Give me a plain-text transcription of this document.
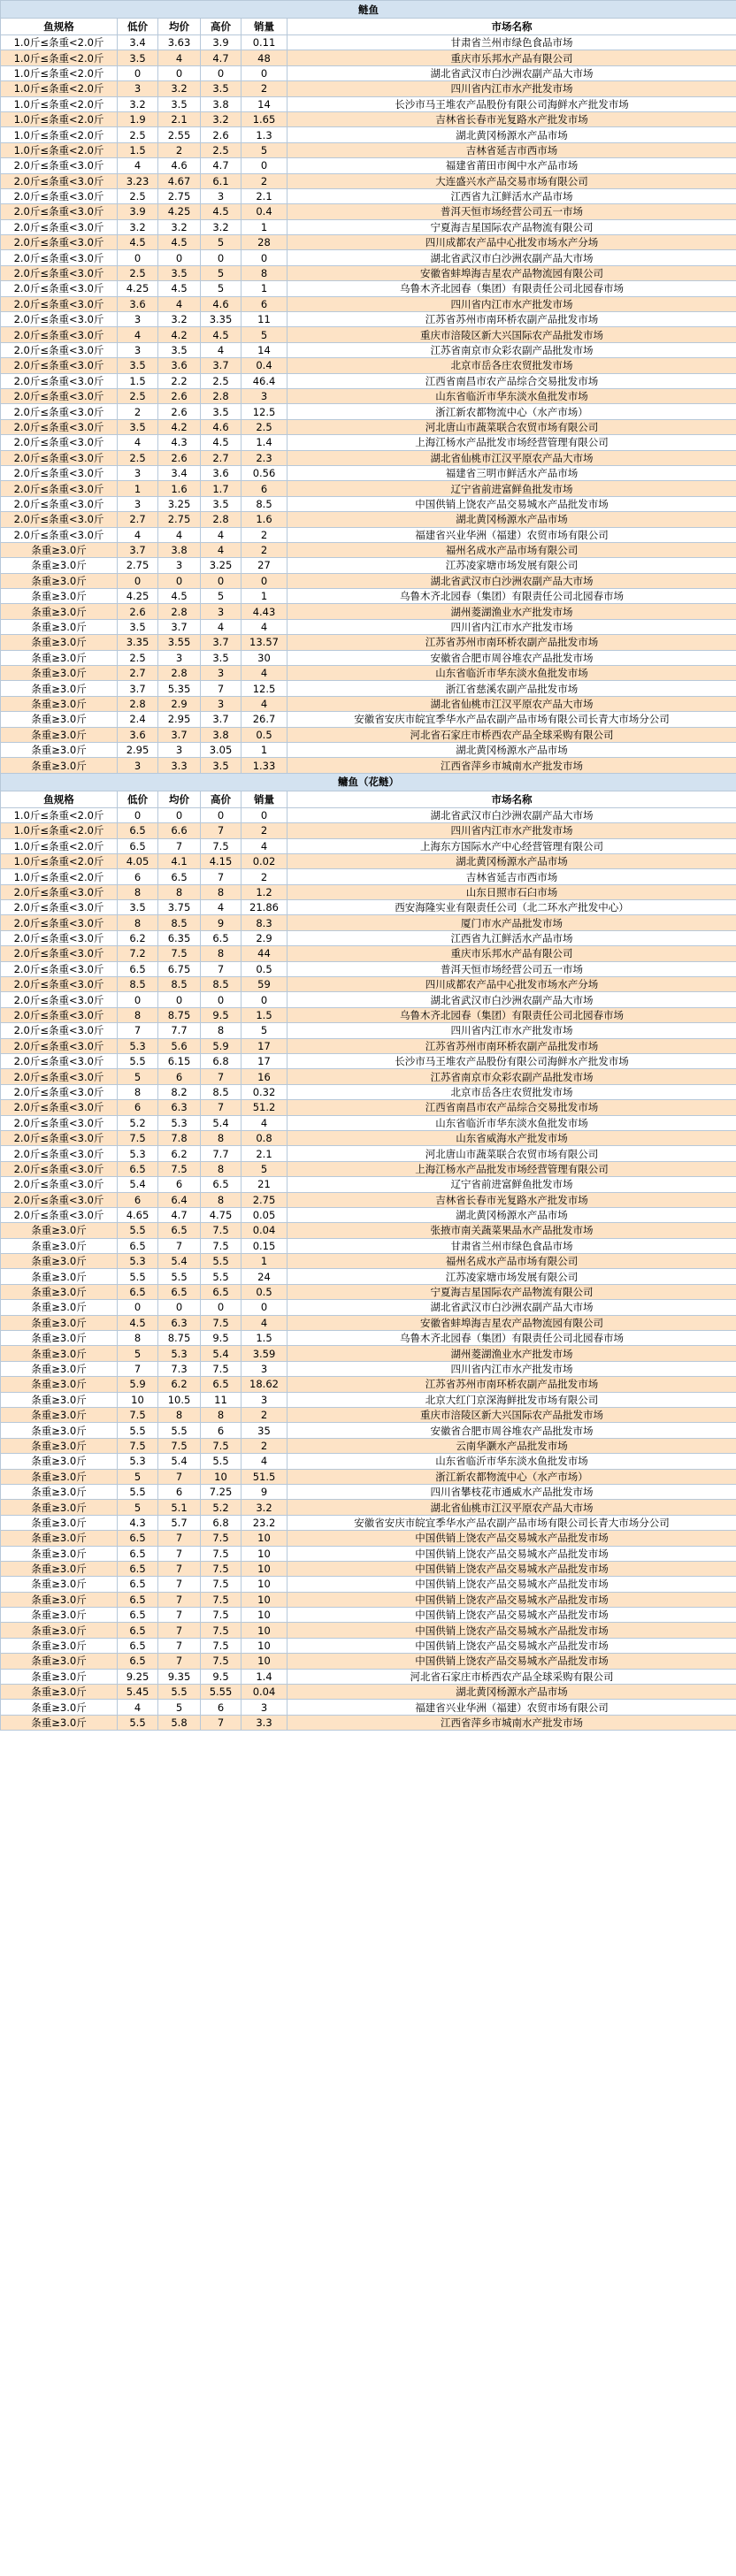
鲢鱼					
鱼规格	低价	均价	高价	销量	市场名称
1.0斤≤条重<2.0斤	3.4	3.63	3.9	0.11	甘肃省兰州市绿色食品市场
1.0斤≤条重<2.0斤	3.5	4	4.7	48	重庆市乐邦水产品有限公司
1.0斤≤条重<2.0斤	0	0	0	0	湖北省武汉市白沙洲农副产品大市场
1.0斤≤条重<2.0斤	3	3.2	3.5	2	四川省内江市水产批发市场
1.0斤≤条重<2.0斤	3.2	3.5	3.8	14	长沙市马王堆农产品股份有限公司海鲜水产批发市场
1.0斤≤条重<2.0斤	1.9	2.1	3.2	1.65	吉林省长春市光复路水产批发市场
1.0斤≤条重<2.0斤	2.5	2.55	2.6	1.3	湖北黄冈杨源水产品市场
1.0斤≤条重<2.0斤	1.5	2	2.5	5	吉林省延吉市西市场
2.0斤≤条重<3.0斤	4	4.6	4.7	0	福建省莆田市闽中水产品市场
2.0斤≤条重<3.0斤	3.23	4.67	6.1	2	大连盛兴水产品交易市场有限公司
2.0斤≤条重<3.0斤	2.5	2.75	3	2.1	江西省九江鲜活水产品市场
2.0斤≤条重<3.0斤	3.9	4.25	4.5	0.4	普洱天恒市场经营公司五一市场
2.0斤≤条重<3.0斤	3.2	3.2	3.2	1	宁夏海吉星国际农产品物流有限公司
2.0斤≤条重<3.0斤	4.5	4.5	5	28	四川成都农产品中心批发市场水产分场
2.0斤≤条重<3.0斤	0	0	0	0	湖北省武汉市白沙洲农副产品大市场
2.0斤≤条重<3.0斤	2.5	3.5	5	8	安徽省蚌埠海吉星农产品物流园有限公司
2.0斤≤条重<3.0斤	4.25	4.5	5	1	乌鲁木齐北园春（集团）有限责任公司北园春市场
2.0斤≤条重<3.0斤	3.6	4	4.6	6	四川省内江市水产批发市场
2.0斤≤条重<3.0斤	3	3.2	3.35	11	江苏省苏州市南环桥农副产品批发市场
2.0斤≤条重<3.0斤	4	4.2	4.5	5	重庆市涪陵区新大兴国际农产品批发市场
2.0斤≤条重<3.0斤	3	3.5	4	14	江苏省南京市众彩农副产品批发市场
2.0斤≤条重<3.0斤	3.5	3.6	3.7	0.4	北京市岳各庄农贸批发市场
2.0斤≤条重<3.0斤	1.5	2.2	2.5	46.4	江西省南昌市农产品综合交易批发市场
2.0斤≤条重<3.0斤	2.5	2.6	2.8	3	山东省临沂市华东淡水鱼批发市场
2.0斤≤条重<3.0斤	2	2.6	3.5	12.5	浙江新农都物流中心（水产市场）
2.0斤≤条重<3.0斤	3.5	4.2	4.6	2.5	河北唐山市蔬菜联合农贸市场有限公司
2.0斤≤条重<3.0斤	4	4.3	4.5	1.4	上海江杨水产品批发市场经营管理有限公司
2.0斤≤条重<3.0斤	2.5	2.6	2.7	2.3	湖北省仙桃市江汉平原农产品大市场
2.0斤≤条重<3.0斤	3	3.4	3.6	0.56	福建省三明市鲜活水产品市场
2.0斤≤条重<3.0斤	1	1.6	1.7	6	辽宁省前进富鲜鱼批发市场
2.0斤≤条重<3.0斤	3	3.25	3.5	8.5	中国供销上饶农产品交易城水产品批发市场
2.0斤≤条重<3.0斤	2.7	2.75	2.8	1.6	湖北黄冈杨源水产品市场
2.0斤≤条重<3.0斤	4	4	4	2	福建省兴业华洲（福建）农贸市场有限公司
条重≥3.0斤	3.7	3.8	4	2	福州名成水产品市场有限公司
条重≥3.0斤	2.75	3	3.25	27	江苏凌家塘市场发展有限公司
条重≥3.0斤	0	0	0	0	湖北省武汉市白沙洲农副产品大市场
条重≥3.0斤	4.25	4.5	5	1	乌鲁木齐北园春（集团）有限责任公司北园春市场
条重≥3.0斤	2.6	2.8	3	4.43	湖州菱湖渔业水产批发市场
条重≥3.0斤	3.5	3.7	4	4	四川省内江市水产批发市场
条重≥3.0斤	3.35	3.55	3.7	13.57	江苏省苏州市南环桥农副产品批发市场
条重≥3.0斤	2.5	3	3.5	30	安徽省合肥市周谷堆农产品批发市场
条重≥3.0斤	2.7	2.8	3	4	山东省临沂市华东淡水鱼批发市场
条重≥3.0斤	3.7	5.35	7	12.5	浙江省慈溪农副产品批发市场
条重≥3.0斤	2.8	2.9	3	4	湖北省仙桃市江汉平原农产品大市场
条重≥3.0斤	2.4	2.95	3.7	26.7	安徽省安庆市皖宜季华水产品农副产品市场有限公司长青大市场分公司
条重≥3.0斤	3.6	3.7	3.8	0.5	河北省石家庄市桥西农产品全球采购有限公司
条重≥3.0斤	2.95	3	3.05	1	湖北黄冈杨源水产品市场
条重≥3.0斤	3	3.3	3.5	1.33	江西省萍乡市城南水产批发市场
鳙鱼（花鲢）					
鱼规格	低价	均价	高价	销量	市场名称
1.0斤≤条重<2.0斤	0	0	0	0	湖北省武汉市白沙洲农副产品大市场
1.0斤≤条重<2.0斤	6.5	6.6	7	2	四川省内江市水产批发市场
1.0斤≤条重<2.0斤	6.5	7	7.5	4	上海东方国际水产中心经营管理有限公司
1.0斤≤条重<2.0斤	4.05	4.1	4.15	0.02	湖北黄冈杨源水产品市场
1.0斤≤条重<2.0斤	6	6.5	7	2	吉林省延吉市西市场
2.0斤≤条重<3.0斤	8	8	8	1.2	山东日照市石臼市场
2.0斤≤条重<3.0斤	3.5	3.75	4	21.86	西安海隆实业有限责任公司（北二环水产批发中心）
2.0斤≤条重<3.0斤	8	8.5	9	8.3	厦门市水产品批发市场
2.0斤≤条重<3.0斤	6.2	6.35	6.5	2.9	江西省九江鲜活水产品市场
2.0斤≤条重<3.0斤	7.2	7.5	8	44	重庆市乐邦水产品有限公司
2.0斤≤条重<3.0斤	6.5	6.75	7	0.5	普洱天恒市场经营公司五一市场
2.0斤≤条重<3.0斤	8.5	8.5	8.5	59	四川成都农产品中心批发市场水产分场
2.0斤≤条重<3.0斤	0	0	0	0	湖北省武汉市白沙洲农副产品大市场
2.0斤≤条重<3.0斤	8	8.75	9.5	1.5	乌鲁木齐北园春（集团）有限责任公司北园春市场
2.0斤≤条重<3.0斤	7	7.7	8	5	四川省内江市水产批发市场
2.0斤≤条重<3.0斤	5.3	5.6	5.9	17	江苏省苏州市南环桥农副产品批发市场
2.0斤≤条重<3.0斤	5.5	6.15	6.8	17	长沙市马王堆农产品股份有限公司海鲜水产批发市场
2.0斤≤条重<3.0斤	5	6	7	16	江苏省南京市众彩农副产品批发市场
2.0斤≤条重<3.0斤	8	8.2	8.5	0.32	北京市岳各庄农贸批发市场
2.0斤≤条重<3.0斤	6	6.3	7	51.2	江西省南昌市农产品综合交易批发市场
2.0斤≤条重<3.0斤	5.2	5.3	5.4	4	山东省临沂市华东淡水鱼批发市场
2.0斤≤条重<3.0斤	7.5	7.8	8	0.8	山东省威海水产批发市场
2.0斤≤条重<3.0斤	5.3	6.2	7.7	2.1	河北唐山市蔬菜联合农贸市场有限公司
2.0斤≤条重<3.0斤	6.5	7.5	8	5	上海江杨水产品批发市场经营管理有限公司
2.0斤≤条重<3.0斤	5.4	6	6.5	21	辽宁省前进富鲜鱼批发市场
2.0斤≤条重<3.0斤	6	6.4	8	2.75	吉林省长春市光复路水产批发市场
2.0斤≤条重<3.0斤	4.65	4.7	4.75	0.05	湖北黄冈杨源水产品市场
条重≥3.0斤	5.5	6.5	7.5	0.04	张掖市南关蔬菜果品水产品批发市场
条重≥3.0斤	6.5	7	7.5	0.15	甘肃省兰州市绿色食品市场
条重≥3.0斤	5.3	5.4	5.5	1	福州名成水产品市场有限公司
条重≥3.0斤	5.5	5.5	5.5	24	江苏凌家塘市场发展有限公司
条重≥3.0斤	6.5	6.5	6.5	0.5	宁夏海吉星国际农产品物流有限公司
条重≥3.0斤	0	0	0	0	湖北省武汉市白沙洲农副产品大市场
条重≥3.0斤	4.5	6.3	7.5	4	安徽省蚌埠海吉星农产品物流园有限公司
条重≥3.0斤	8	8.75	9.5	1.5	乌鲁木齐北园春（集团）有限责任公司北园春市场
条重≥3.0斤	5	5.3	5.4	3.59	湖州菱湖渔业水产批发市场
条重≥3.0斤	7	7.3	7.5	3	四川省内江市水产批发市场
条重≥3.0斤	5.9	6.2	6.5	18.62	江苏省苏州市南环桥农副产品批发市场
条重≥3.0斤	10	10.5	11	3	北京大红门京深海鲜批发市场有限公司
条重≥3.0斤	7.5	8	8	2	重庆市涪陵区新大兴国际农产品批发市场
条重≥3.0斤	5.5	5.5	6	35	安徽省合肥市周谷堆农产品批发市场
条重≥3.0斤	7.5	7.5	7.5	2	云南华灏水产品批发市场
条重≥3.0斤	5.3	5.4	5.5	4	山东省临沂市华东淡水鱼批发市场
条重≥3.0斤	5	7	10	51.5	浙江新农都物流中心（水产市场）
条重≥3.0斤	5.5	6	7.25	9	四川省攀枝花市通威水产品批发市场
条重≥3.0斤	5	5.1	5.2	3.2	湖北省仙桃市江汉平原农产品大市场
条重≥3.0斤	4.3	5.7	6.8	23.2	安徽省安庆市皖宜季华水产品农副产品市场有限公司长青大市场分公司
条重≥3.0斤	6.5	7	7.5	10	中国供销上饶农产品交易城水产品批发市场
条重≥3.0斤	6.5	7	7.5	10	中国供销上饶农产品交易城水产品批发市场
条重≥3.0斤	6.5	7	7.5	10	中国供销上饶农产品交易城水产品批发市场
条重≥3.0斤	6.5	7	7.5	10	中国供销上饶农产品交易城水产品批发市场
条重≥3.0斤	6.5	7	7.5	10	中国供销上饶农产品交易城水产品批发市场
条重≥3.0斤	6.5	7	7.5	10	中国供销上饶农产品交易城水产品批发市场
条重≥3.0斤	6.5	7	7.5	10	中国供销上饶农产品交易城水产品批发市场
条重≥3.0斤	6.5	7	7.5	10	中国供销上饶农产品交易城水产品批发市场
条重≥3.0斤	6.5	7	7.5	10	中国供销上饶农产品交易城水产品批发市场
条重≥3.0斤	9.25	9.35	9.5	1.4	河北省石家庄市桥西农产品全球采购有限公司
条重≥3.0斤	5.45	5.5	5.55	0.04	湖北黄冈杨源水产品市场
条重≥3.0斤	4	5	6	3	福建省兴业华洲（福建）农贸市场有限公司
条重≥3.0斤	5.5	5.8	7	3.3	江西省萍乡市城南水产批发市场
